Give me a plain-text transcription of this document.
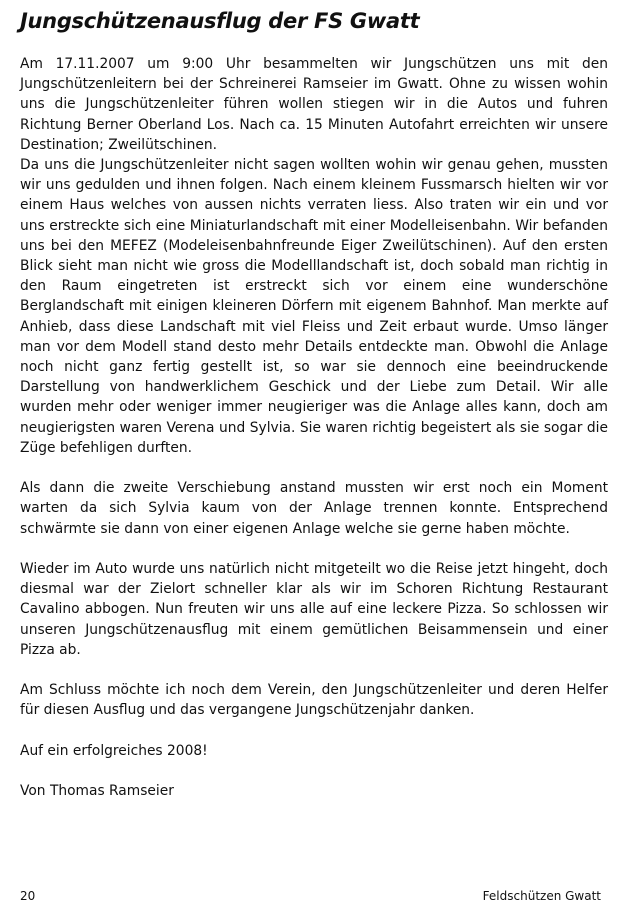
Jungschützenausflug der FS Gwatt

Am 17.11.2007 um 9:00 Uhr besammelten wir Jungschützen uns mit den Jungschützenleitern bei der Schreinerei Ramseier im Gwatt. Ohne zu wissen wohin uns die Jungschützenleiter führen wollen stiegen wir in die Autos und fuhren Richtung Berner Oberland Los. Nach ca. 15 Minuten Autofahrt erreichten wir unsere Destination; Zweilütschinen.

Da uns die Jungschützenleiter nicht sagen wollten wohin wir genau gehen, mussten wir uns gedulden und ihnen folgen. Nach einem kleinem Fussmarsch hielten wir vor einem Haus welches von aussen nichts verraten liess. Also traten wir ein und vor uns erstreckte sich eine Miniaturlandschaft mit einer Modelleisenbahn. Wir befanden uns bei den MEFEZ (Modeleisenbahnfreunde Eiger Zweilütschinen). Auf den ersten Blick sieht man nicht wie gross die Modelllandschaft ist, doch sobald man richtig in den Raum eingetreten ist erstreckt sich vor einem eine wunderschöne Berglandschaft mit einigen kleineren Dörfern mit eigenem Bahnhof. Man merkte auf Anhieb, dass diese Landschaft mit viel Fleiss und Zeit erbaut wurde. Umso länger man vor dem Modell stand desto mehr Details entdeckte man. Obwohl die Anlage noch nicht ganz fertig gestellt ist, so war sie dennoch eine beeindruckende Darstellung von handwerklichem Geschick und der Liebe zum Detail. Wir alle wurden mehr oder weniger immer neugieriger was die Anlage alles kann, doch am neugierigsten waren Verena und Sylvia. Sie waren richtig begeistert als sie sogar die Züge befehligen durften.

Als dann die zweite Verschiebung anstand mussten wir erst noch ein Moment warten da sich Sylvia kaum von der Anlage trennen konnte. Entsprechend schwärmte sie dann von einer eigenen Anlage welche sie gerne haben möchte.

Wieder im Auto wurde uns natürlich nicht mitgeteilt wo die Reise jetzt hingeht, doch diesmal war der Zielort schneller klar als wir im Schoren Richtung Restaurant Cavalino abbogen. Nun freuten wir uns alle auf eine leckere Pizza. So schlossen wir unseren Jungschützenausflug mit einem gemütlichen Beisammensein und einer Pizza ab.

Am Schluss möchte ich noch dem Verein, den Jungschützenleiter und deren Helfer für diesen Ausflug und das vergangene Jungschützenjahr danken.

Auf ein erfolgreiches 2008!

Von Thomas Ramseier

20	Feldschützen Gwatt
